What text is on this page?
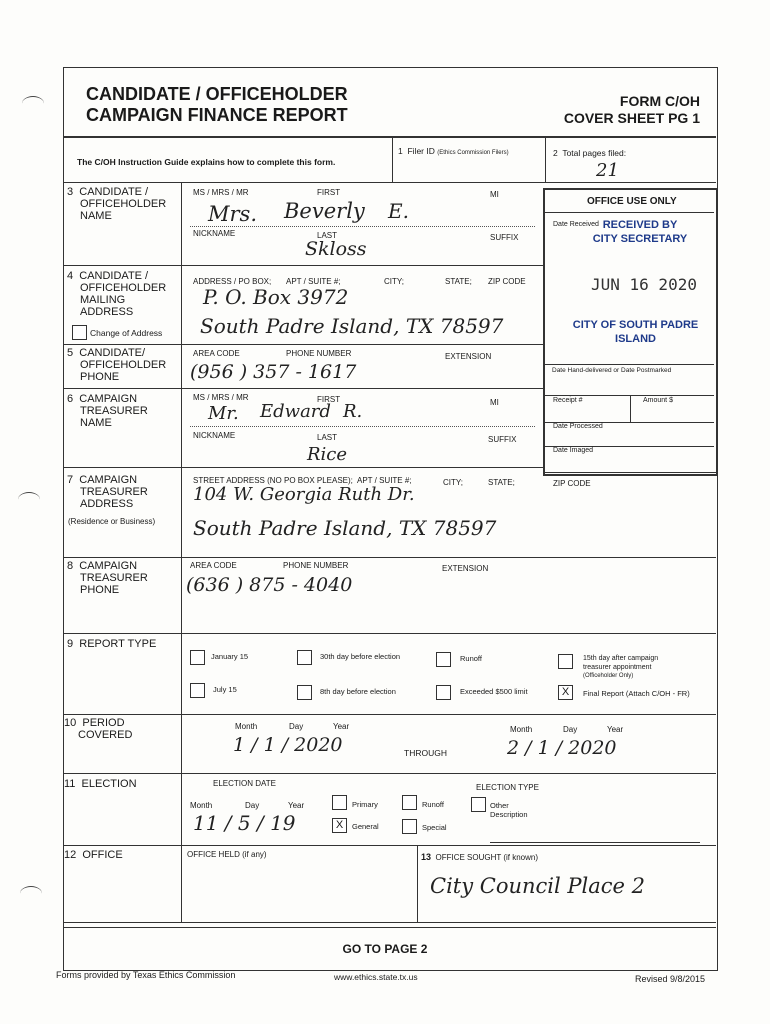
CANDIDATE / OFFICEHOLDER
CAMPAIGN FINANCE REPORT
FORM C/OH
COVER SHEET PG 1
The C/OH Instruction Guide explains how to complete this form.
1 Filer ID (Ethics Commission Filers)	2 Total pages filed:
21
OFFICE USE ONLY
Date Received RECEIVED BY
CITY SECRETARY
JUN 16 2020
CITY OF SOUTH PADRE
ISLAND
Date Hand-delivered or Date Postmarked
Receipt #	Amount $
Date Processed
Date Imaged
3 CANDIDATE /
OFFICEHOLDER
NAME
MS / MRS / MR	FIRST	MI
Mrs. Beverly E.
NICKNAME	LAST	SUFFIX
Skloss
4 CANDIDATE /
OFFICEHOLDER
MAILING
ADDRESS
Change of Address
ADDRESS / PO BOX; APT / SUITE #;	CITY;	STATE; ZIP CODE
P. O. Box 3972
South Padre Island, TX 78597
5 CANDIDATE/
OFFICEHOLDER
PHONE
AREA CODE	PHONE NUMBER	EXTENSION
(956 ) 357 - 1617
6 CAMPAIGN
TREASURER
NAME
MS / MRS / MR	FIRST	MI
Mr. Edward R.
NICKNAME	LAST	SUFFIX
Rice
7 CAMPAIGN
TREASURER
ADDRESS
(Residence or Business)
STREET ADDRESS (NO PO BOX PLEASE); APT / SUITE #;	CITY;	STATE;	ZIP CODE
104 W. Georgia Ruth Dr.
South Padre Island, TX 78597
8 CAMPAIGN
TREASURER
PHONE
AREA CODE	PHONE NUMBER	EXTENSION
(636 ) 875 - 4040
9 REPORT TYPE
January 15	30th day before election	Runoff	15th day after campaign
treasurer appointment
(Officeholder Only)
July 15	8th day before election	Exceeded $500 limit	X	Final Report (Attach C/OH - FR)
10 PERIOD
COVERED
Month	Day	Year	Month	Day	Year
1 / 1 / 2020	THROUGH	2 / 1 / 2020
11 ELECTION	ELECTION DATE
Month	Day	Year
11 / 5 / 19
ELECTION TYPE
Primary	Runoff	Other
Description
X	General	Special
12 OFFICE	OFFICE HELD (if any)	13 OFFICE SOUGHT (if known)
City Council Place 2
GO TO PAGE 2
Forms provided by Texas Ethics Commission	www.ethics.state.tx.us	Revised 9/8/2015
